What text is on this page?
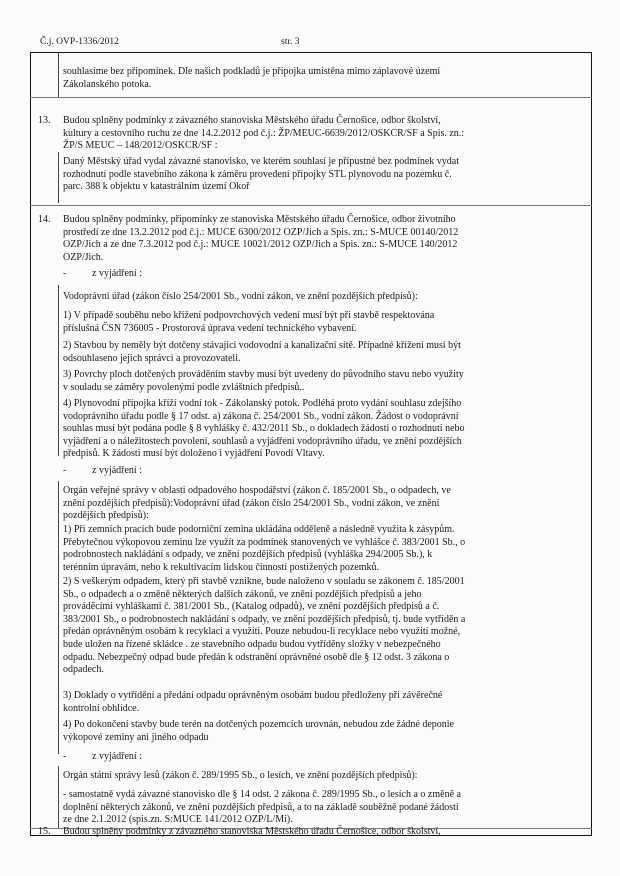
Č.j. OVP-1336/2012	str. 3
souhlasíme bez připomínek. Dle našich podkladů je přípojka umístěna mimo záplavové území
Zákolanského potoka.
13. Budou splněny podmínky z závazného stanoviska Městského úřadu Černošice, odbor školství,
kultury a cestovního ruchu ze dne 14.2.2012 pod č.j.: ŽP/MEUC-6639/2012/OSKCR/SF a Spis. zn.:
ŽP/S MEUC – 148/2012/OSKCR/SF :
Daný Městský úřad vydal závazné stanovisko, ve kterém souhlasí je přípustné bez podmínek vydat
rozhodnutí podle stavebního zákona k záměru provedení přípojky STL plynovodu na pozemku č.
parc. 388 k objektu v katastrálním území Okoř
14. Budou splněny podmínky, připomínky ze stanoviska Městského úřadu Černošice, odbor životního
prostředí ze dne 13.2.2012 pod č.j.: MUCE 6300/2012 OZP/Jich a Spis. zn.: S-MUCE 00140/2012
OZP/Jich a ze dne 7.3.2012 pod č.j.: MUCE 10021/2012 OZP/Jich a Spis. zn.: S-MUCE 140/2012
OZP/Jich.
-	z vyjádření :
Vodoprávní úřad (zákon číslo 254/2001 Sb., vodní zákon, ve znění pozdějších předpisů):
1) V případě souběhu nebo křížení podpovrchových vedení musí být při stavbě respektována
příslušná ČSN 736005 - Prostorová úprava vedení technického vybavení.
2) Stavbou by neměly být dotčeny stávající vodovodní a kanalizační sítě. Případné křížení musí být
odsouhlaseno jejich správci a provozovateli.
3) Povrchy ploch dotčených prováděním stavby musí být uvedeny do původního stavu nebo využity
v souladu se záměry povolenými podle zvláštních předpisů..
4) Plynovodní přípojka kříží vodní tok - Zákolanský potok. Podléhá proto vydání souhlasu zdejšího
vodoprávního úřadu podle § 17 odst. a) zákona č. 254/2001 Sb., vodní zákon. Žádost o vodoprávní
souhlas musí být podána podle § 8 vyhlášky č. 432/2011 Sb., o dokladech žádosti o rozhodnutí nebo
vyjádření a o náležitostech povolení, souhlasů a vyjádření vodoprávního úřadu, ve znění pozdějších
předpisů. K žádosti musí být doloženo i vyjádření Povodí Vltavy.
-	z vyjádření :
Orgán veřejné správy v oblasti odpadového hospodářství (zákon č. 185/2001 Sb., o odpadech, ve
znění pozdějších předpisů):Vodoprávní úřad (zákon číslo 254/2001 Sb., vodní zákon, ve znění
pozdějších předpisů):
1) Při zemních pracích bude podorniční zemina ukládána odděleně a následně využita k zásypům.
Přebytečnou výkopovou zeminu lze využít za podmínek stanovených ve vyhlášce č. 383/2001 Sb., o
podrobnostech nakládání s odpady, ve znění pozdějších předpisů (vyhláška 294/2005 Sb.), k
terénním úpravám, nebo k rekultivacím lidskou činností postižených pozemků.
2) S veškerým odpadem, který při stavbě vznikne, bude naloženo v souladu se zákonem č. 185/2001
Sb., o odpadech a o změně některých dalších zákonů, ve znění pozdějších předpisů a jeho
prováděcími vyhláškami č. 381/2001 Sb., (Katalog odpadů), ve znění pozdějších předpisů a č.
383/2001 Sb., o podrobnostech nakládání s odpady, ve znění pozdějších předpisů, tj. bude vytříděn a
předán oprávněným osobám k recyklaci a využití. Pouze nebudou-li recyklace nebo využití možné,
bude uložen na řízené skládce . ze stavebního odpadu budou vytříděny složky v nebezpečného
odpadu. Nebezpečný odpad bude předán k odstranění oprávněné osobě dle § 12 odst. 3 zákona o
odpadech.
3) Doklady o vytřídění a předání odpadu oprávněným osobám budou předloženy při závěrečné
kontrolní obhlídce.
4) Po dokončení stavby bude terén na dotčených pozemcích urovnán, nebudou zde žádné deponie
výkopové zeminy ani jiného odpadu
-	z vyjádření :
Orgán státní správy lesů (zákon č. 289/1995 Sb., o lesích, ve znění pozdějších předpisů):
- samostatně vydá závazné stanovisko dle § 14 odst. 2 zákona č. 289/1995 Sb., o lesích a o změně a
doplnění některých zákonů, ve znění pozdějších předpisů, a to na základě souběžně podané žádosti
ze dne 2.1.2012 (spis.zn. S:MUCE 141/2012 OZP/L/Mi).
15. Budou splněny podmínky z závazného stanoviska Městského úřadu Černošice, odbor školství,
